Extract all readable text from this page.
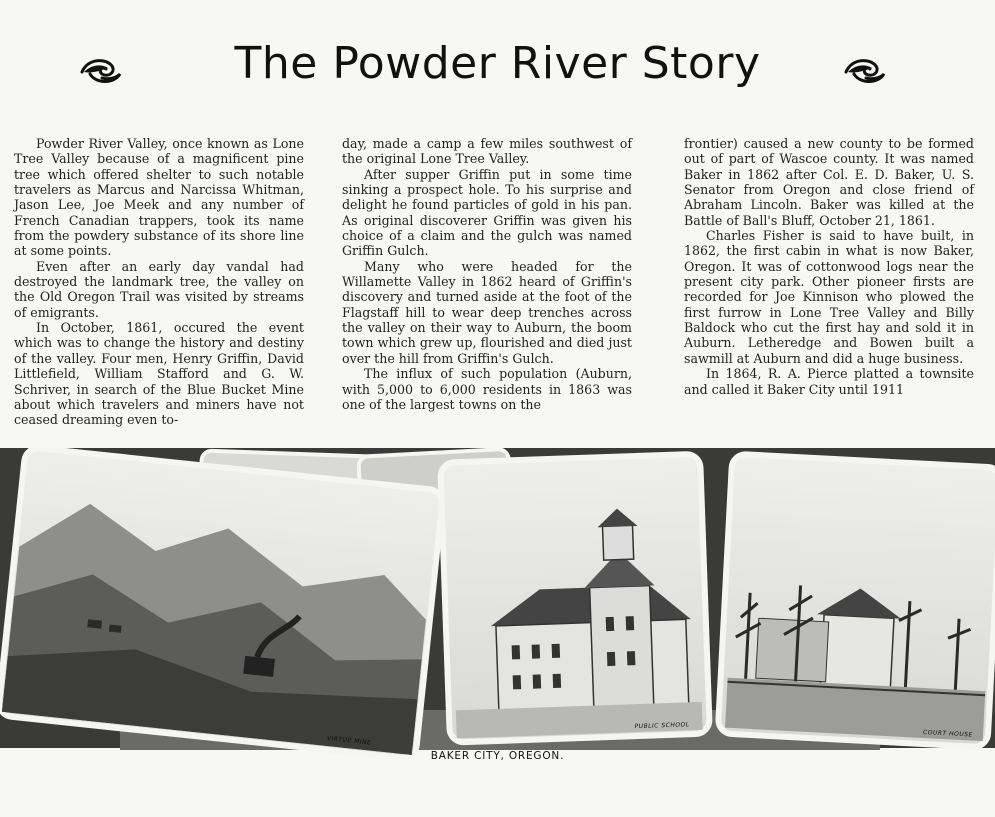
The Powder River Story

Powder River Valley, once known as Lone Tree Valley because of a magnificent pine tree which offered shelter to such notable travelers as Marcus and Narcissa Whitman, Jason Lee, Joe Meek and any number of French Canadian trappers, took its name from the powdery substance of its shore line at some points.

Even after an early day vandal had destroyed the landmark tree, the valley on the Old Oregon Trail was visited by streams of emigrants.

In October, 1861, occured the event which was to change the history and destiny of the valley. Four men, Henry Griffin, David Littlefield, William Stafford and G. W. Schriver, in search of the Blue Bucket Mine about which travelers and miners have not ceased dreaming even to-

day, made a camp a few miles southwest of the original Lone Tree Valley.

After supper Griffin put in some time sinking a prospect hole. To his surprise and delight he found particles of gold in his pan. As original discoverer Griffin was given his choice of a claim and the gulch was named Griffin Gulch.

Many who were headed for the Willamette Valley in 1862 heard of Griffin's discovery and turned aside at the foot of the Flagstaff hill to wear deep trenches across the valley on their way to Auburn, the boom town which grew up, flourished and died just over the hill from Griffin's Gulch.

The influx of such population (Auburn, with 5,000 to 6,000 residents in 1863 was one of the largest towns on the

frontier) caused a new county to be formed out of part of Wascoe county. It was named Baker in 1862 after Col. E. D. Baker, U. S. Senator from Oregon and close friend of Abraham Lincoln. Baker was killed at the Battle of Ball's Bluff, October 21, 1861.

Charles Fisher is said to have built, in 1862, the first cabin in what is now Baker, Oregon. It was of cottonwood logs near the present city park. Other pioneer firsts are recorded for Joe Kinnison who plowed the first furrow in Lone Tree Valley and Billy Baldock who cut the first hay and sold it in Auburn. Letheredge and Bowen built a sawmill at Auburn and did a huge business.

In 1864, R. A. Pierce platted a townsite and called it Baker City until 1911

VIRTUE MINE
PUBLIC SCHOOL
COURT HOUSE
BAKER CITY, OREGON.
